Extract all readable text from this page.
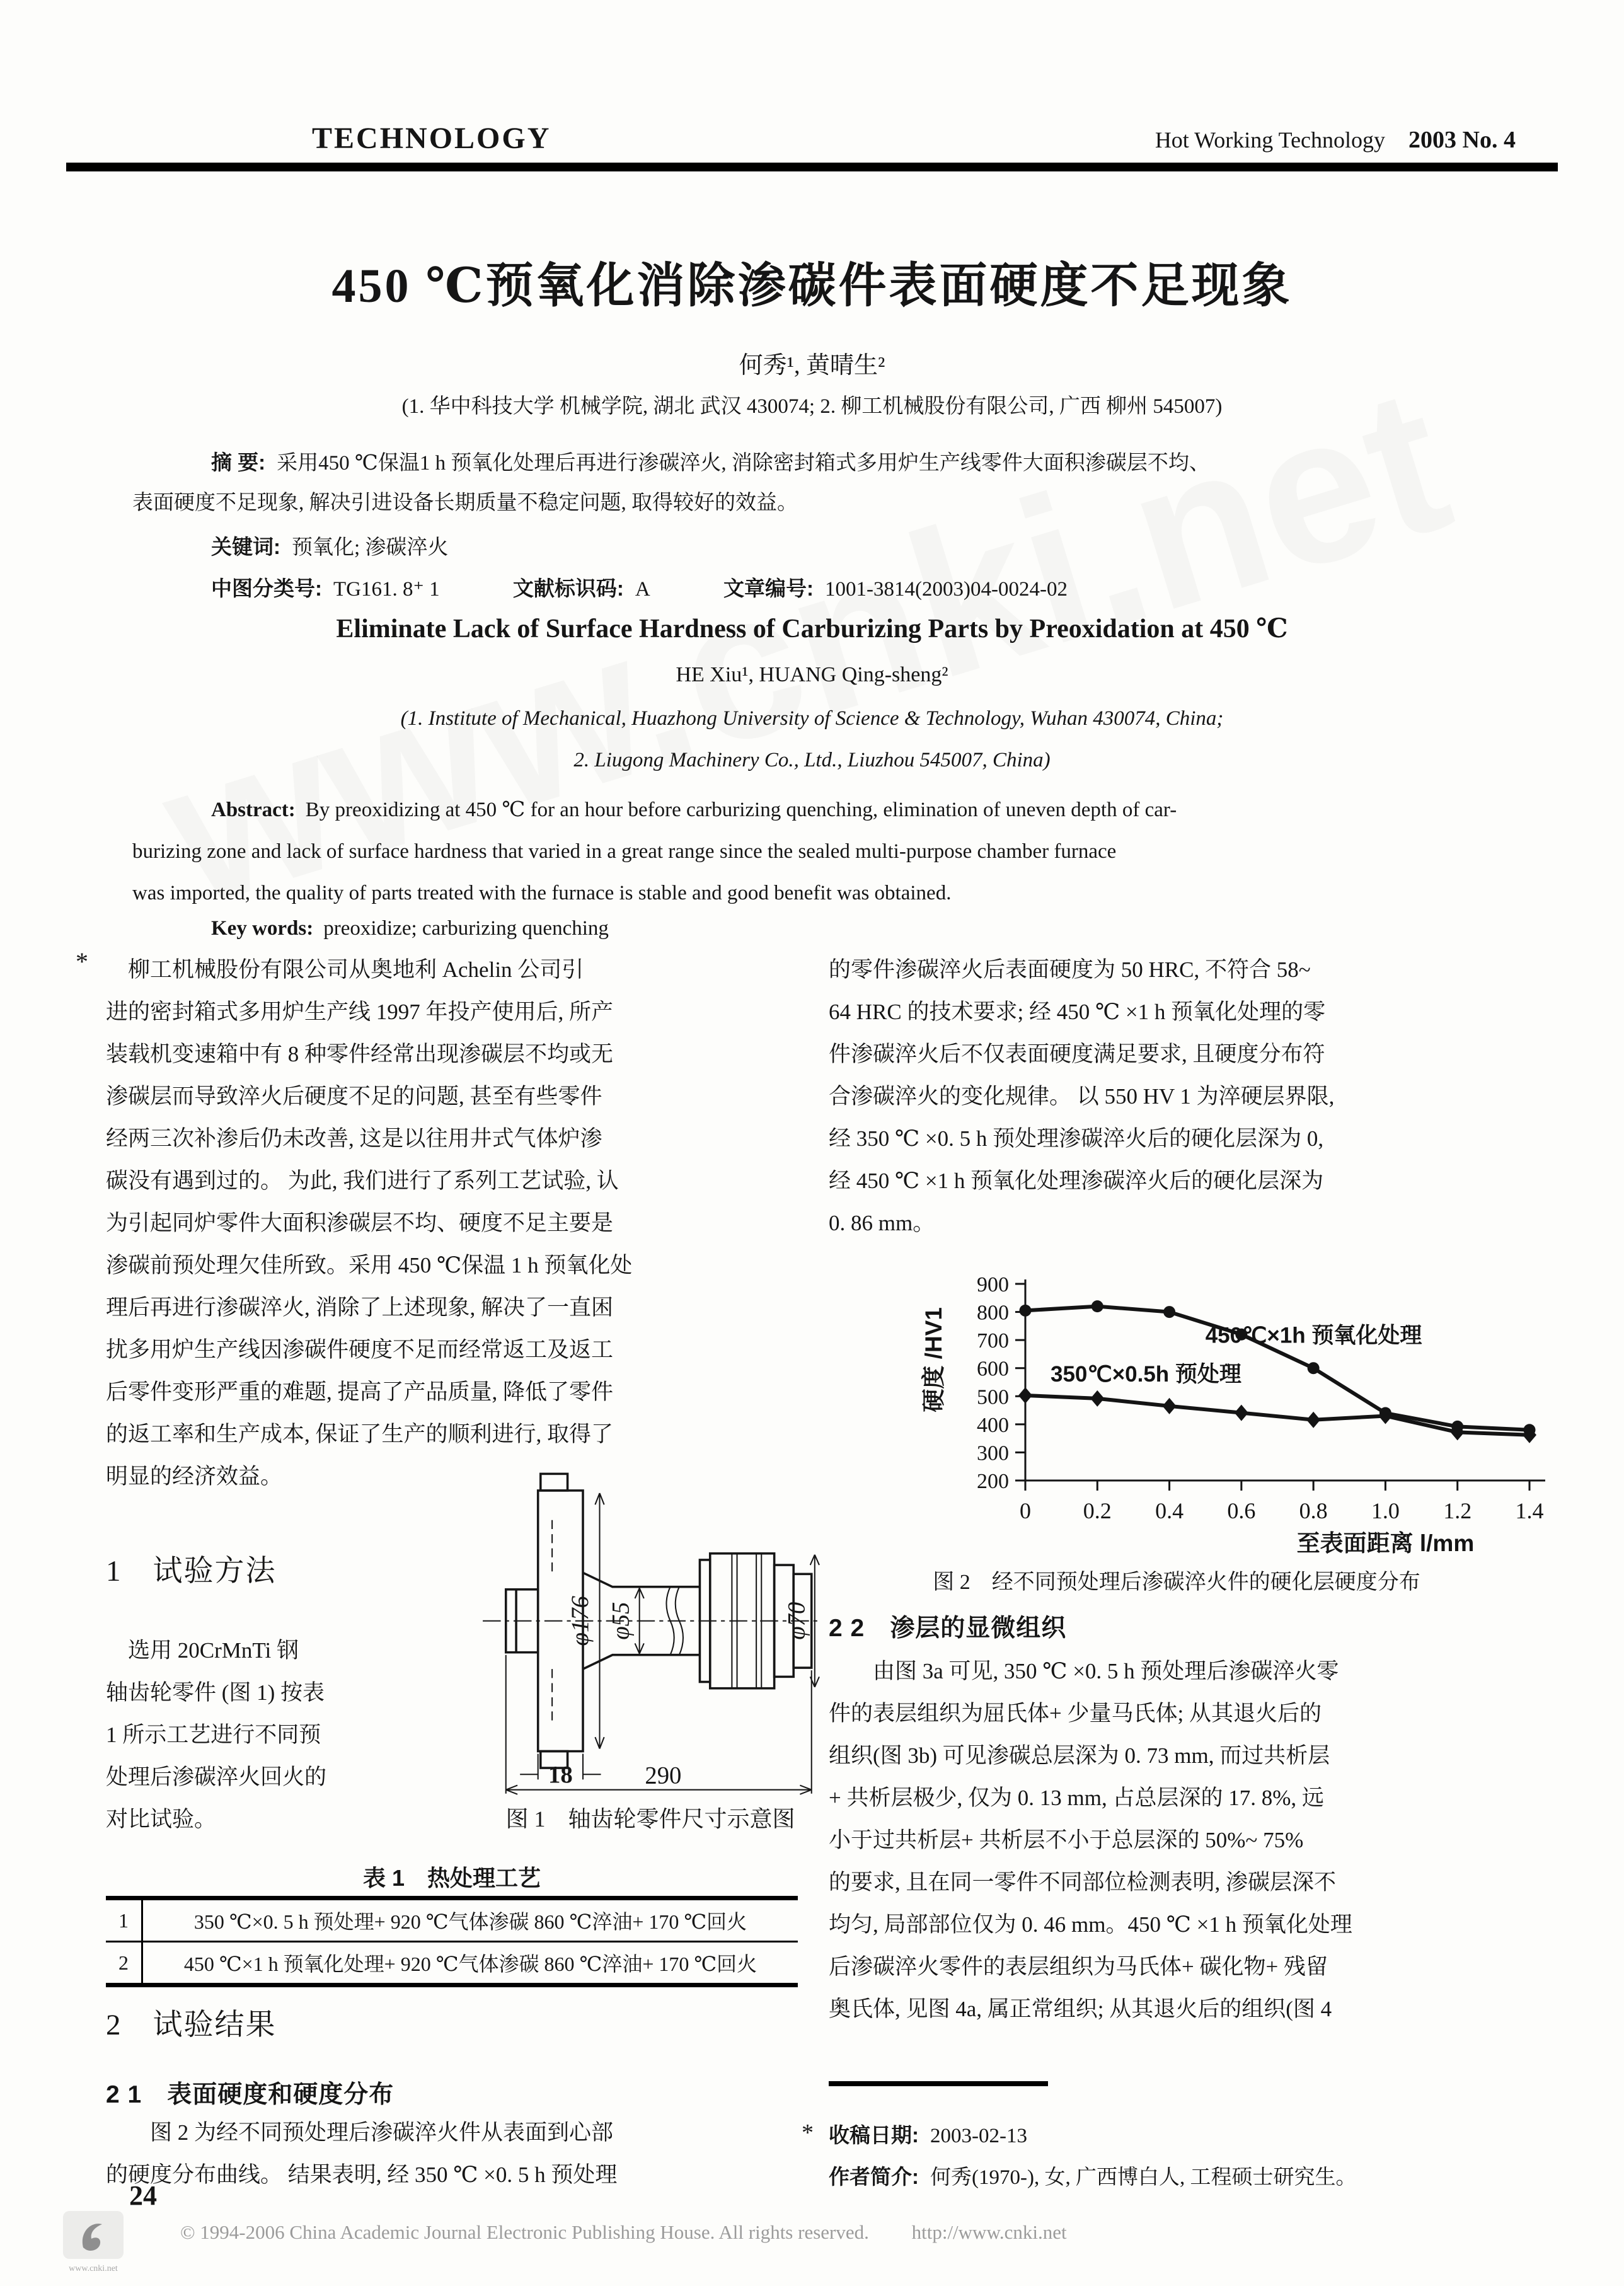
TECHNOLOGY	Hot Working Technology 2003 No. 4
450 ℃预氧化消除渗碳件表面硬度不足现象
何秀¹, 黄晴生²
(1. 华中科技大学 机械学院, 湖北 武汉 430074; 2. 柳工机械股份有限公司, 广西 柳州 545007)
摘 要: 采用450 ℃保温1 h 预氧化处理后再进行渗碳淬火, 消除密封箱式多用炉生产线零件大面积渗碳层不均、
表面硬度不足现象, 解决引进设备长期质量不稳定问题, 取得较好的效益。
关键词: 预氧化; 渗碳淬火
中图分类号: TG161. 8⁺ 1	文献标识码: A	文章编号: 1001-3814(2003)04-0024-02
Eliminate Lack of Surface Hardness of Carburizing Parts by Preoxidation at 450 ℃
HE Xiu¹, HUANG Qing-sheng²
(1. Institute of Mechanical, Huazhong University of Science & Technology, Wuhan 430074, China;
2. Liugong Machinery Co., Ltd., Liuzhou 545007, China)
Abstract: By preoxidizing at 450 ℃ for an hour before carburizing quenching, elimination of uneven depth of car-
burizing zone and lack of surface hardness that varied in a great range since the sealed multi-purpose chamber furnace
was imported, the quality of parts treated with the furnace is stable and good benefit was obtained.
Key words: preoxidize; carburizing quenching
* 　柳工机械股份有限公司从奥地利 Achelin 公司引
进的密封箱式多用炉生产线 1997 年投产使用后, 所产
装载机变速箱中有 8 种零件经常出现渗碳层不均或无
渗碳层而导致淬火后硬度不足的问题, 甚至有些零件
经两三次补渗后仍未改善, 这是以往用井式气体炉渗
碳没有遇到过的。 为此, 我们进行了系列工艺试验, 认
为引起同炉零件大面积渗碳层不均、硬度不足主要是
渗碳前预处理欠佳所致。采用 450 ℃保温 1 h 预氧化处
理后再进行渗碳淬火, 消除了上述现象, 解决了一直困
扰多用炉生产线因渗碳件硬度不足而经常返工及返工
后零件变形严重的难题, 提高了产品质量, 降低了零件
的返工率和生产成本, 保证了生产的顺利进行, 取得了
明显的经济效益。
1　试验方法
　选用 20CrMnTi 钢
轴齿轮零件 (图 1) 按表
1 所示工艺进行不同预
处理后渗碳淬火回火的
对比试验。
φ176 φ55	φ70
18	290
图 1　轴齿轮零件尺寸示意图
表 1　热处理工艺
1	350 ℃×0. 5 h 预处理+ 920 ℃气体渗碳 860 ℃淬油+ 170 ℃回火
2	450 ℃×1 h 预氧化处理+ 920 ℃气体渗碳 860 ℃淬油+ 170 ℃回火
2　试验结果
2 1　表面硬度和硬度分布
　　图 2 为经不同预处理后渗碳淬火件从表面到心部
的硬度分布曲线。 结果表明, 经 350 ℃ ×0. 5 h 预处理
的零件渗碳淬火后表面硬度为 50 HRC, 不符合 58~
64 HRC 的技术要求; 经 450 ℃ ×1 h 预氧化处理的零
件渗碳淬火后不仅表面硬度满足要求, 且硬度分布符
合渗碳淬火的变化规律。 以 550 HV 1 为淬硬层界限,
经 350 ℃ ×0. 5 h 预处理渗碳淬火后的硬化层深为 0,
经 450 ℃ ×1 h 预氧化处理渗碳淬火后的硬化层深为
0. 86 mm。
200
300
400
500
600
700
800
900
0 0.2 0.4 0.6 0.8 1.0 1.2 1.4
450℃×1h 预氧化处理
350℃×0.5h 预处理
至表面距离 l/mm
硬度 /HV1
图 2　经不同预处理后渗碳淬火件的硬化层硬度分布
2 2　渗层的显微组织
　　由图 3a 可见, 350 ℃ ×0. 5 h 预处理后渗碳淬火零
件的表层组织为屈氏体+ 少量马氏体; 从其退火后的
组织(图 3b) 可见渗碳总层深为 0. 73 mm, 而过共析层
+ 共析层极少, 仅为 0. 13 mm, 占总层深的 17. 8%, 远
小于过共析层+ 共析层不小于总层深的 50%~ 75%
的要求, 且在同一零件不同部位检测表明, 渗碳层深不
均匀, 局部部位仅为 0. 46 mm。450 ℃ ×1 h 预氧化处理
后渗碳淬火零件的表层组织为马氏体+ 碳化物+ 残留
奥氏体, 见图 4a, 属正常组织; 从其退火后的组织(图 4
* 收稿日期: 2003-02-13
作者简介: 何秀(1970-), 女, 广西博白人, 工程硕士研究生。
24
www.cnki.net
© 1994-2006 China Academic Journal Electronic Publishing House. All rights reserved. http://www.cnki.net
